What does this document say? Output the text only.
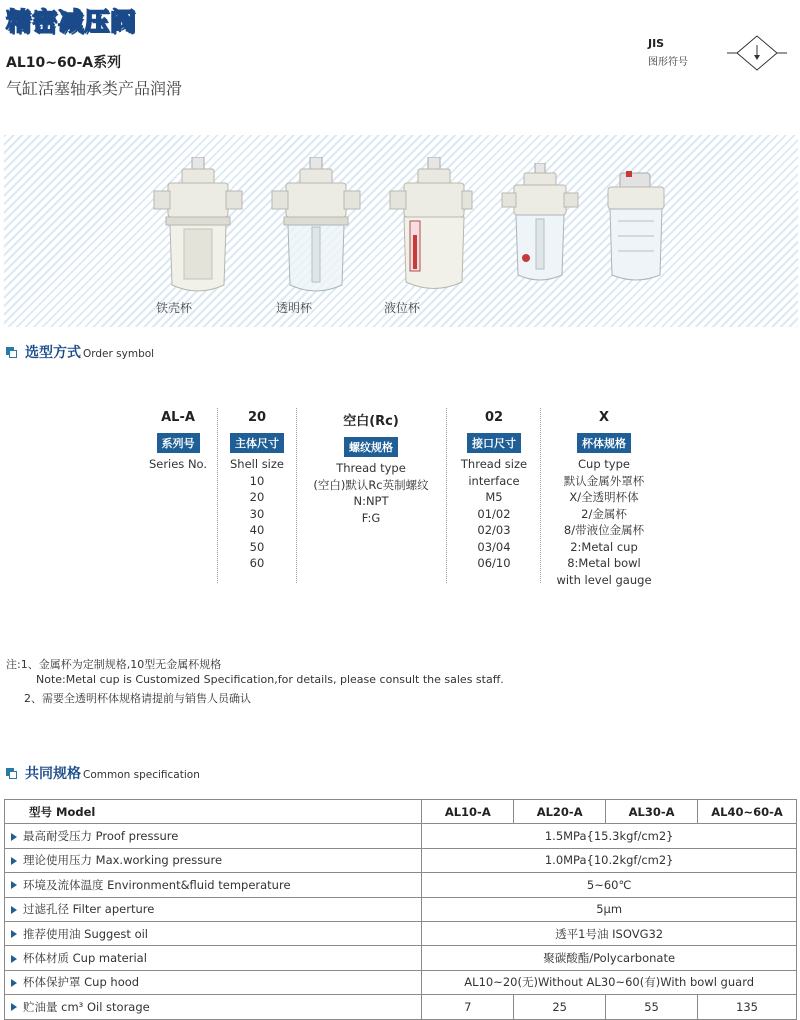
精密减压阀
AL10~60-A系列
气缸活塞轴承类产品润滑
JIS
图形符号
铁壳杯	透明杯	液位杯
选型方式 Order symbol
AL-A
系列号
Series No.
20
主体尺寸
Shell size
10
20
30
40
50
60
空白(Rc)
螺纹规格
Thread type
(空白)默认Rc英制螺纹
N:NPT
F:G
02
接口尺寸
Thread size
interface
M5
01/02
02/03
03/04
06/10
X
杯体规格
Cup type
默认金属外罩杯
X/全透明杯体
2/金属杯
8/带液位金属杯
2:Metal cup
8:Metal bowl
with level gauge
注:1、金属杯为定制规格,10型无金属杯规格
Note:Metal cup is Customized Specification,for details, please consult the sales staff.
2、需要全透明杯体规格请提前与销售人员确认
共同规格 Common specification
型号 Model	AL10-A	AL20-A	AL30-A	AL40~60-A
最高耐受压力 Proof pressure	1.5MPa{15.3kgf/cm2}			
理论使用压力 Max.working pressure	1.0MPa{10.2kgf/cm2}			
环境及流体温度 Environment&fluid temperature	5~60℃			
过滤孔径 Filter aperture	5μm			
推荐使用油 Suggest oil	透平1号油 ISOVG32			
杯体材质 Cup material	聚碳酸酯/Polycarbonate			
杯体保护罩 Cup hood	AL10~20(无)Without AL30~60(有)With bowl guard			
贮油量 cm³ Oil storage	7	25	55	135
